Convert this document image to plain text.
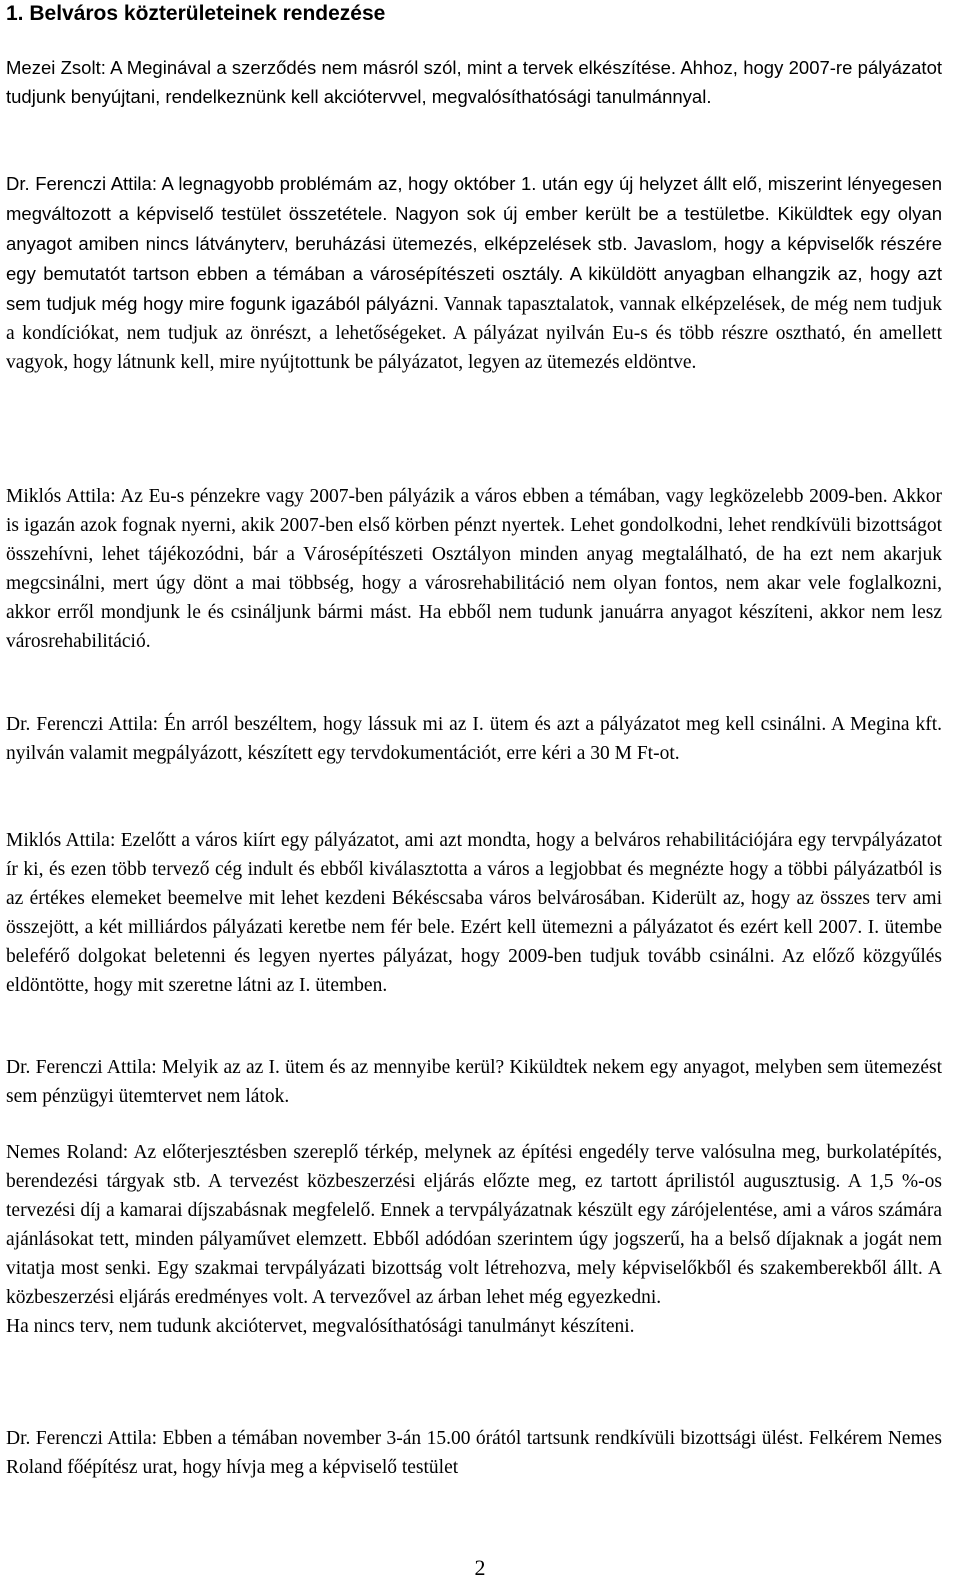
1. Belváros közterületeinek rendezése

Mezei Zsolt: A Meginával a szerződés nem másról szól, mint a tervek elkészítése. Ahhoz, hogy 2007-re pályázatot tudjunk benyújtani, rendelkeznünk kell akciótervvel, megvalósíthatósági tanulmánnyal.

Dr. Ferenczi Attila: A legnagyobb problémám az, hogy október 1. után egy új helyzet állt elő, miszerint lényegesen megváltozott a képviselő testület összetétele. Nagyon sok új ember került be a testületbe. Kiküldtek egy olyan anyagot amiben nincs látványterv, beruházási ütemezés, elképzelések stb. Javaslom, hogy a képviselők részére egy bemutatót tartson ebben a témában a városépítészeti osztály. A kiküldött anyagban elhangzik az, hogy azt sem tudjuk még hogy mire fogunk igazából pályázni. Vannak tapasztalatok, vannak elképzelések, de még nem tudjuk a kondíciókat, nem tudjuk az önrészt, a lehetőségeket. A pályázat nyilván Eu-s és több részre osztható, én amellett vagyok, hogy látnunk kell, mire nyújtottunk be pályázatot, legyen az ütemezés eldöntve.

Miklós Attila: Az Eu-s pénzekre vagy 2007-ben pályázik a város ebben a témában, vagy legközelebb 2009-ben. Akkor is igazán azok fognak nyerni, akik 2007-ben első körben pénzt nyertek. Lehet gondolkodni, lehet rendkívüli bizottságot összehívni, lehet tájékozódni, bár a Városépítészeti Osztályon minden anyag megtalálható, de ha ezt nem akarjuk megcsinálni, mert úgy dönt a mai többség, hogy a városrehabilitáció nem olyan fontos, nem akar vele foglalkozni, akkor erről mondjunk le és csináljunk bármi mást. Ha ebből nem tudunk januárra anyagot készíteni, akkor nem lesz városrehabilitáció.

Dr. Ferenczi Attila: Én arról beszéltem, hogy lássuk mi az I. ütem és azt a pályázatot meg kell csinálni. A Megina kft. nyilván valamit megpályázott, készített egy tervdokumentációt, erre kéri a 30 M Ft-ot.

Miklós Attila: Ezelőtt a város kiírt egy pályázatot, ami azt mondta, hogy a belváros rehabilitációjára egy tervpályázatot ír ki, és ezen több tervező cég indult és ebből kiválasztotta a város a legjobbat és megnézte hogy a többi pályázatból is az értékes elemeket beemelve mit lehet kezdeni Békéscsaba város belvárosában. Kiderült az, hogy az összes terv ami összejött, a két milliárdos pályázati keretbe nem fér bele. Ezért kell ütemezni a pályázatot és ezért kell 2007. I. ütembe beleférő dolgokat beletenni és legyen nyertes pályázat, hogy 2009-ben tudjuk tovább csinálni. Az előző közgyűlés eldöntötte, hogy mit szeretne látni az I. ütemben.

Dr. Ferenczi Attila: Melyik az az I. ütem és az mennyibe kerül? Kiküldtek nekem egy anyagot, melyben sem ütemezést sem pénzügyi ütemtervet nem látok.

Nemes Roland: Az előterjesztésben szereplő térkép, melynek az építési engedély terve valósulna meg, burkolatépítés, berendezési tárgyak stb. A tervezést közbeszerzési eljárás előzte meg, ez tartott áprilistól augusztusig. A 1,5 %-os tervezési díj a kamarai díjszabásnak megfelelő. Ennek a tervpályázatnak készült egy zárójelentése, ami a város számára ajánlásokat tett, minden pályaművet elemzett. Ebből adódóan szerintem úgy jogszerű, ha a belső díjaknak a jogát nem vitatja most senki. Egy szakmai tervpályázati bizottság volt létrehozva, mely képviselőkből és szakemberekből állt. A közbeszerzési eljárás eredményes volt. A tervezővel az árban lehet még egyezkedni.
Ha nincs terv, nem tudunk akciótervet, megvalósíthatósági tanulmányt készíteni.

Dr. Ferenczi Attila: Ebben a témában november 3-án 15.00 órától tartsunk rendkívüli bizottsági ülést. Felkérem Nemes Roland főépítész urat, hogy hívja meg a képviselő testület

2
